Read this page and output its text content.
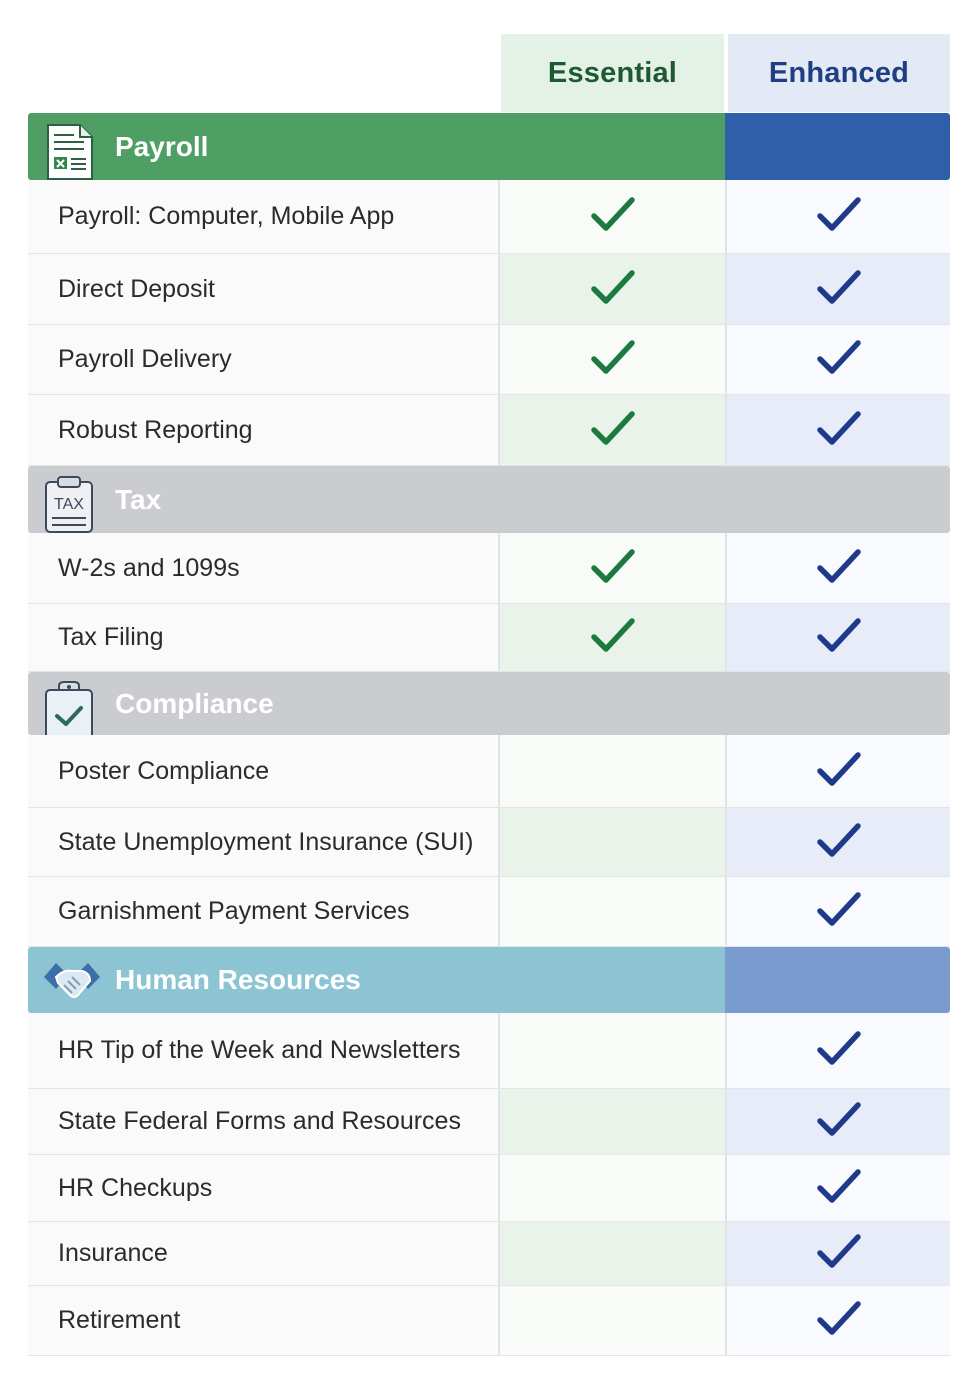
Essential	Enhanced
Payroll
Payroll: Computer, Mobile App
Direct Deposit
Payroll Delivery
Robust Reporting
TAX Tax
W-2s and 1099s
Tax Filing
Compliance
Poster Compliance
State Unemployment Insurance (SUI)
Garnishment Payment Services
Human Resources
HR Tip of the Week and Newsletters
State Federal Forms and Resources
HR Checkups
Insurance
Retirement
